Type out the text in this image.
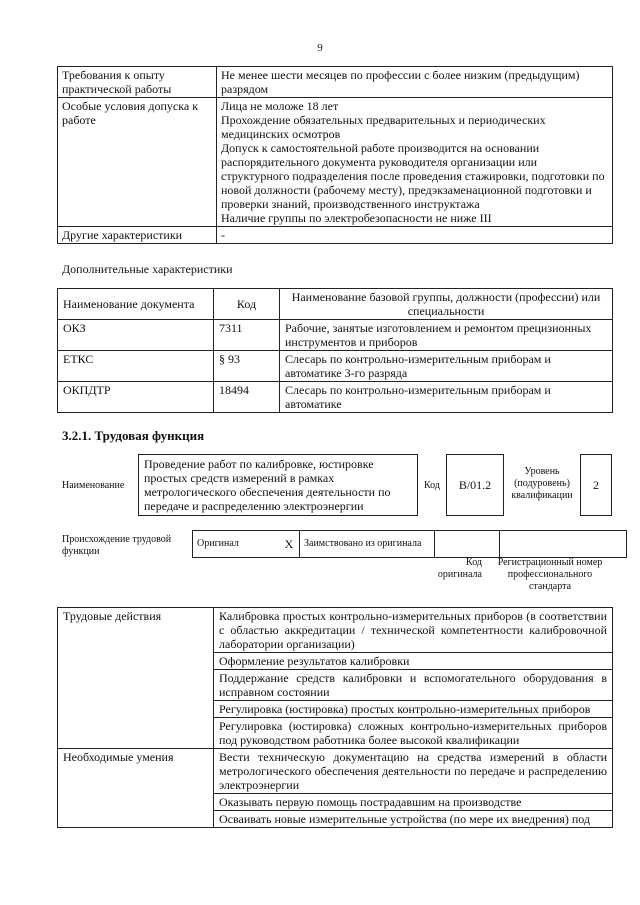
9
Требования к опыту практической работы	Не менее шести месяцев по профессии с более низким (предыдущим) разрядом
Особые условия допуска к работе	Лица не моложе 18 лет
Прохождение обязательных предварительных и периодических медицинских осмотров
Допуск к самостоятельной работе производится на основании распорядительного документа руководителя организации или структурного подразделения после проведения стажировки, подготовки по новой должности (рабочему месту), предэкзаменационной подготовки и проверки знаний, производственного инструктажа
Наличие группы по электробезопасности не ниже III

Другие характеристики	-
Дополнительные характеристики
Наименование документа	Код	Наименование базовой группы, должности (профессии) или специальности
ОКЗ	7311	Рабочие, занятые изготовлением и ремонтом прецизионных инструментов и приборов
ЕТКС	§ 93	Слесарь по контрольно-измерительным приборам и автоматике 3-го разряда
ОКПДТР	18494	Слесарь по контрольно-измерительным приборам и автоматике
3.2.1. Трудовая функция
Наименование
Проведение работ по калибровке, юстировке простых средств измерений в рамках метрологического обеспечения деятельности по передаче и распределению электроэнергии
Код	B/01.2
Уровень (подуровень) квалификации
2
Происхождение трудовой функции
Оригинал	X	Заимствовано из оригинала		
Код оригинала
Регистрационный номер профессионального стандарта
Трудовые действия	Калибровка простых контрольно-измерительных приборов (в соответствии с областью аккредитации / технической компетентности калибровочной лаборатории организации)
	Оформление результатов калибровки
	Поддержание средств калибровки и вспомогательного оборудования в исправном состоянии
	Регулировка (юстировка) простых контрольно-измерительных приборов
	Регулировка (юстировка) сложных контрольно-измерительных приборов под руководством работника более высокой квалификации
Необходимые умения	Вести техническую документацию на средства измерений в области метрологического обеспечения деятельности по передаче и распределению электроэнергии
	Оказывать первую помощь пострадавшим на производстве
	Осваивать новые измерительные устройства (по мере их внедрения) под
